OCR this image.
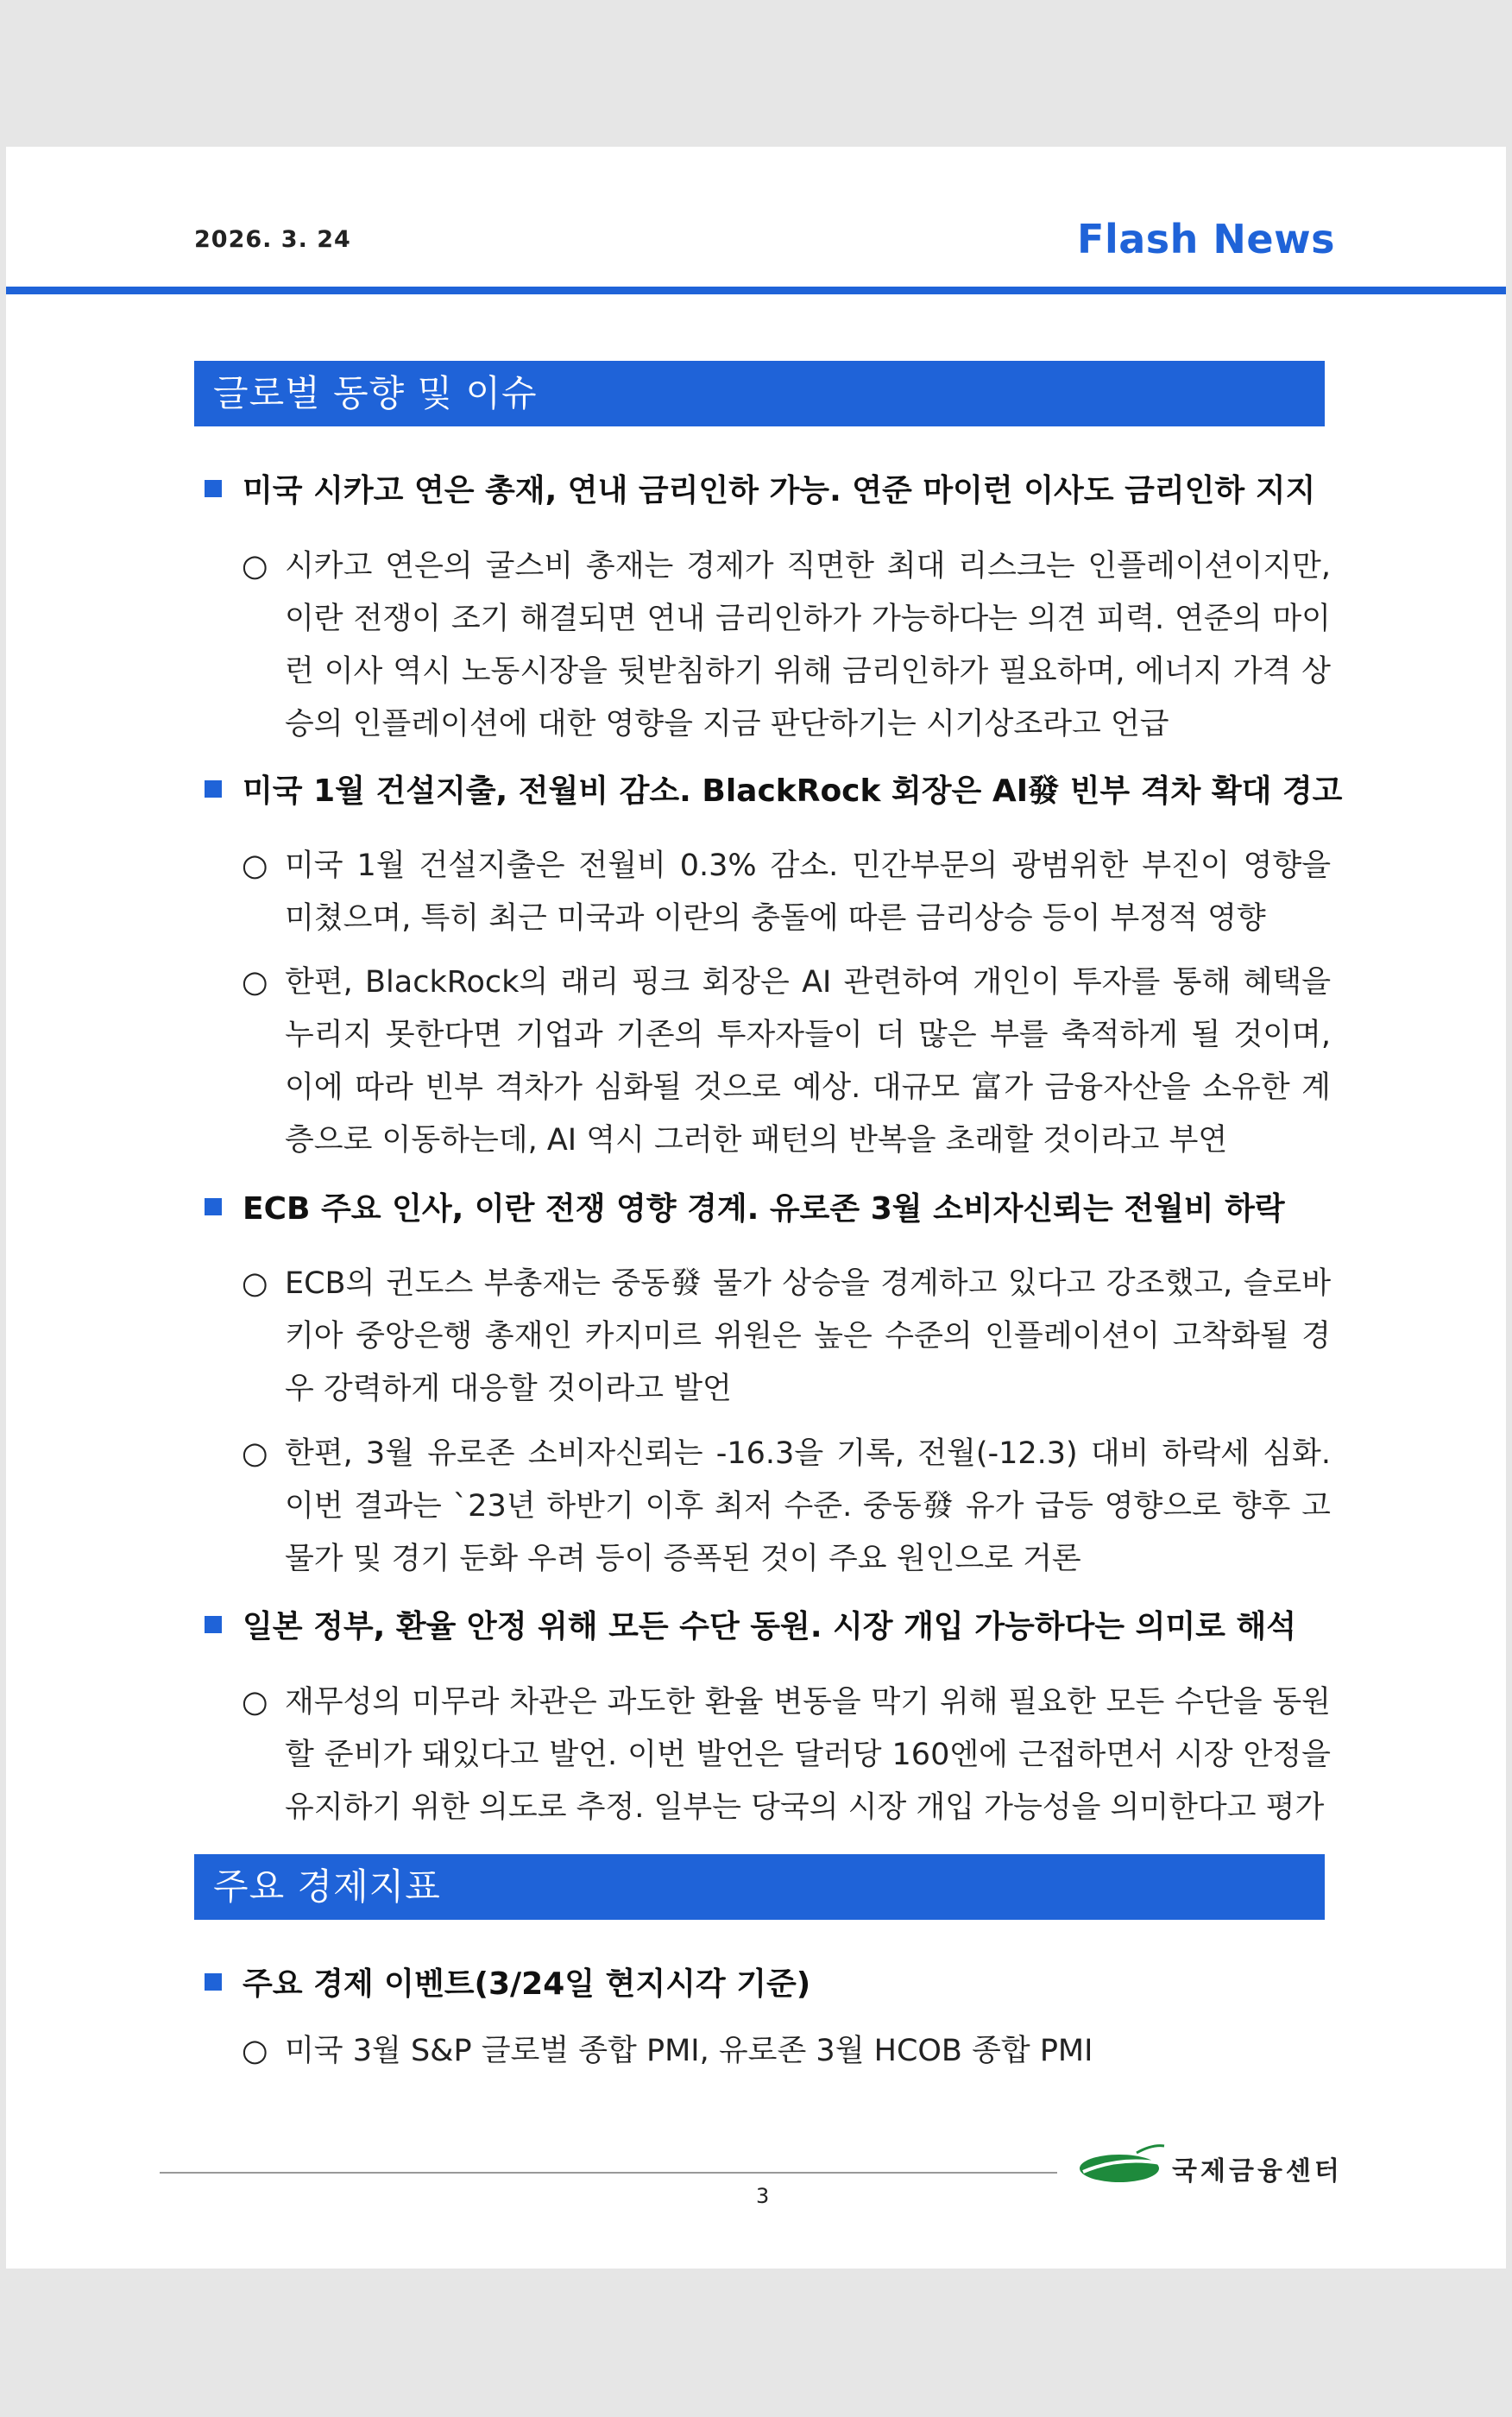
2026. 3. 24	Flash News
글로벌 동향 및 이슈
미국 시카고 연은 총재, 연내 금리인하 가능. 연준 마이런 이사도 금리인하 지지
○ 시카고 연은의 굴스비 총재는 경제가 직면한 최대 리스크는 인플레이션이지만, 이란 전쟁이 조기 해결되면 연내 금리인하가 가능하다는 의견 피력. 연준의 마이런 이사 역시 노동시장을 뒷받침하기 위해 금리인하가 필요하며, 에너지 가격 상승의 인플레이션에 대한 영향을 지금 판단하기는 시기상조라고 언급
미국 1월 건설지출, 전월비 감소. BlackRock 회장은 AI發 빈부 격차 확대 경고
○ 미국 1월 건설지출은 전월비 0.3% 감소. 민간부문의 광범위한 부진이 영향을 미쳤으며, 특히 최근 미국과 이란의 충돌에 따른 금리상승 등이 부정적 영향
○ 한편, BlackRock의 래리 핑크 회장은 AI 관련하여 개인이 투자를 통해 혜택을 누리지 못한다면 기업과 기존의 투자자들이 더 많은 부를 축적하게 될 것이며, 이에 따라 빈부 격차가 심화될 것으로 예상. 대규모 富가 금융자산을 소유한 계층으로 이동하는데, AI 역시 그러한 패턴의 반복을 초래할 것이라고 부연
ECB 주요 인사, 이란 전쟁 영향 경계. 유로존 3월 소비자신뢰는 전월비 하락
○ ECB의 귄도스 부총재는 중동發 물가 상승을 경계하고 있다고 강조했고, 슬로바키아 중앙은행 총재인 카지미르 위원은 높은 수준의 인플레이션이 고착화될 경우 강력하게 대응할 것이라고 발언
○ 한편, 3월 유로존 소비자신뢰는 -16.3을 기록, 전월(-12.3) 대비 하락세 심화. 이번 결과는 `23년 하반기 이후 최저 수준. 중동發 유가 급등 영향으로 향후 고물가 및 경기 둔화 우려 등이 증폭된 것이 주요 원인으로 거론
일본 정부, 환율 안정 위해 모든 수단 동원. 시장 개입 가능하다는 의미로 해석
○ 재무성의 미무라 차관은 과도한 환율 변동을 막기 위해 필요한 모든 수단을 동원할 준비가 돼있다고 발언. 이번 발언은 달러당 160엔에 근접하면서 시장 안정을 유지하기 위한 의도로 추정. 일부는 당국의 시장 개입 가능성을 의미한다고 평가
주요 경제지표
주요 경제 이벤트(3/24일 현지시각 기준)
○ 미국 3월 S&P 글로벌 종합 PMI, 유로존 3월 HCOB 종합 PMI
3
국제금융센터
